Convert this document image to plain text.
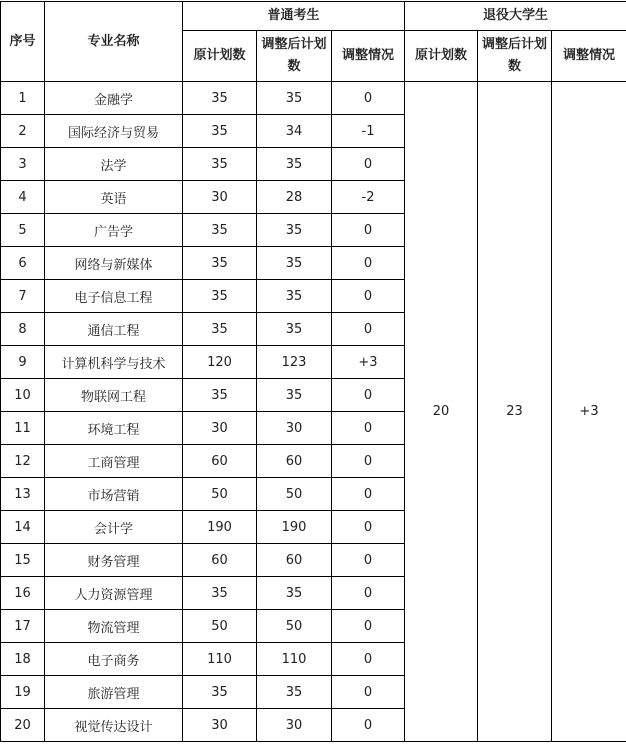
序号	专业名称	普通考生			退役大学生		
		原计划数	调整后计划数	调整情况	原计划数	调整后计划数	调整情况
1	金融学	35	35	0	20	23	+3
2	国际经济与贸易	35	34	-1			
3	法学	35	35	0			
4	英语	30	28	-2			
5	广告学	35	35	0			
6	网络与新媒体	35	35	0			
7	电子信息工程	35	35	0			
8	通信工程	35	35	0			
9	计算机科学与技术	120	123	+3			
10	物联网工程	35	35	0			
11	环境工程	30	30	0			
12	工商管理	60	60	0			
13	市场营销	50	50	0			
14	会计学	190	190	0			
15	财务管理	60	60	0			
16	人力资源管理	35	35	0			
17	物流管理	50	50	0			
18	电子商务	110	110	0			
19	旅游管理	35	35	0			
20	视觉传达设计	30	30	0			
